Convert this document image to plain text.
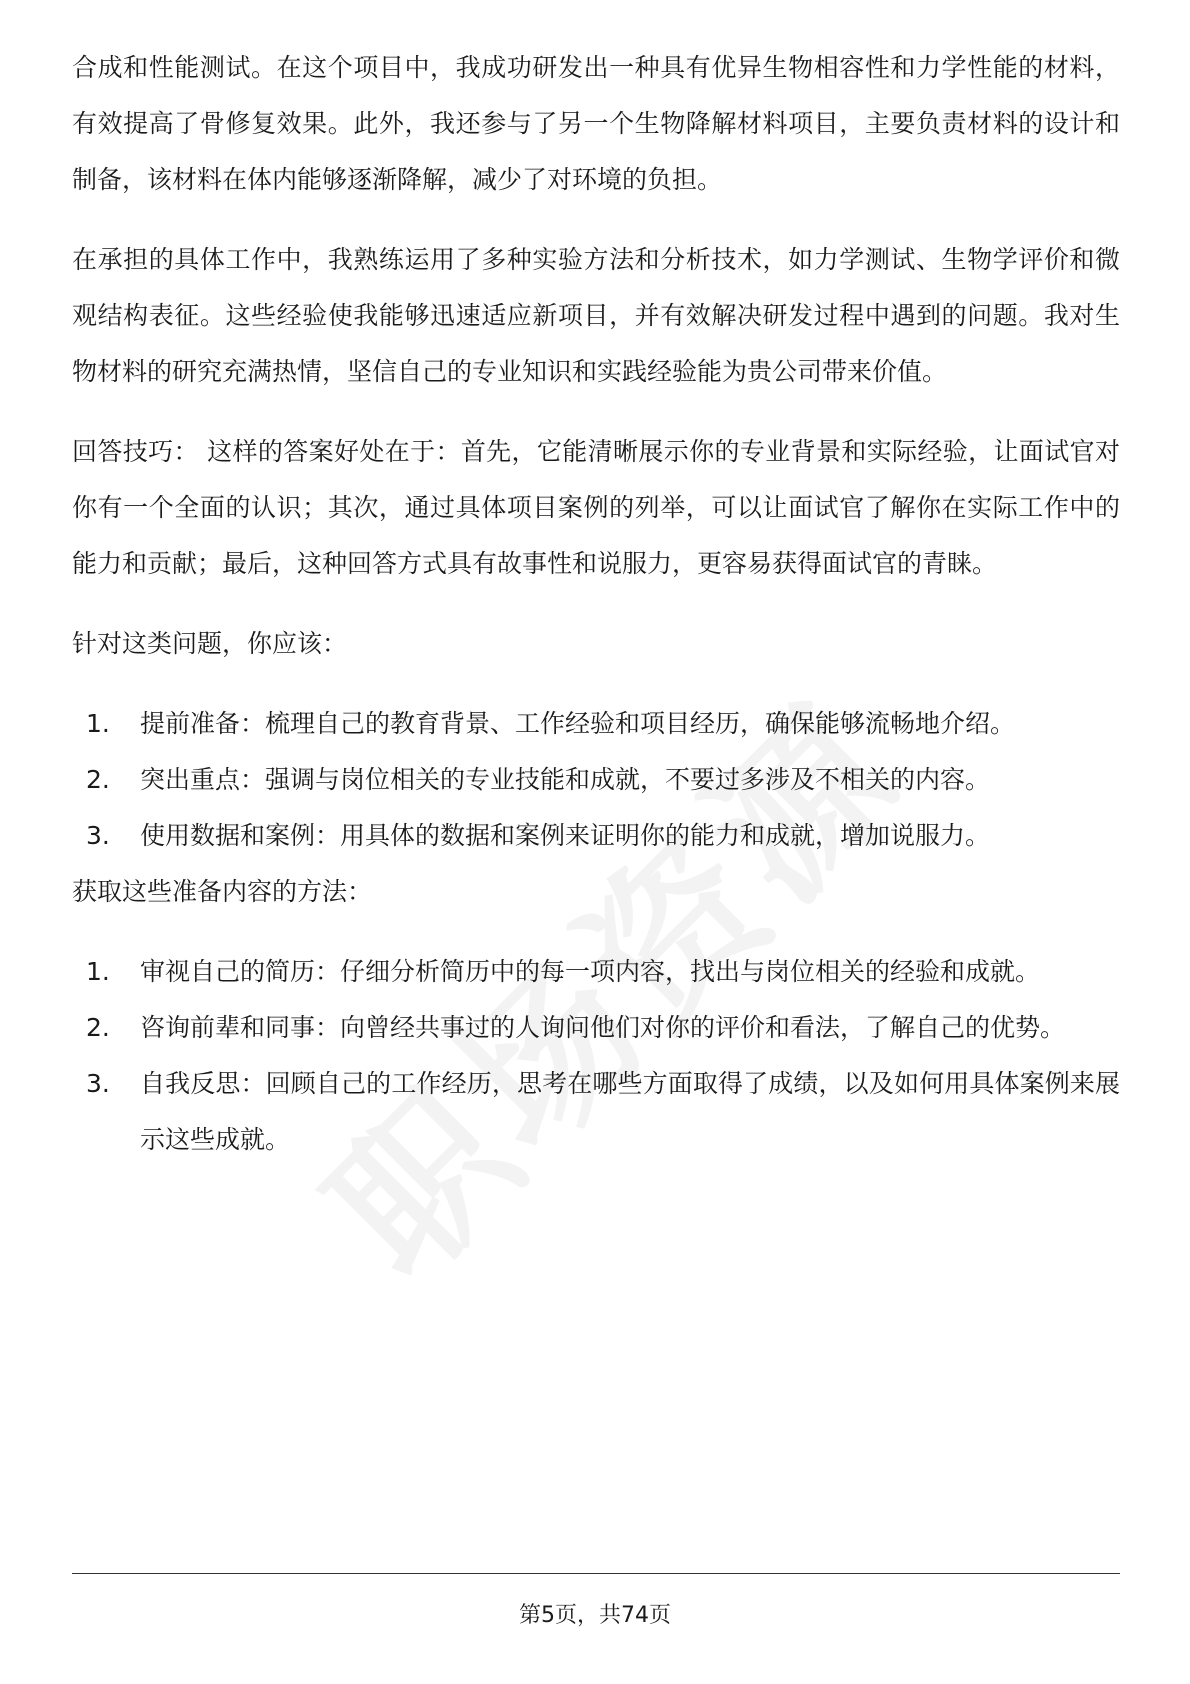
合成和性能测试。在这个项目中，我成功研发出一种具有优异生物相容性和力学性能的材料，有效提高了骨修复效果。此外，我还参与了另一个生物降解材料项目，主要负责材料的设计和制备，该材料在体内能够逐渐降解，减少了对环境的负担。

在承担的具体工作中，我熟练运用了多种实验方法和分析技术，如力学测试、生物学评价和微观结构表征。这些经验使我能够迅速适应新项目，并有效解决研发过程中遇到的问题。我对生物材料的研究充满热情，坚信自己的专业知识和实践经验能为贵公司带来价值。

回答技巧： 这样的答案好处在于：首先，它能清晰展示你的专业背景和实际经验，让面试官对你有一个全面的认识；其次，通过具体项目案例的列举，可以让面试官了解你在实际工作中的能力和贡献；最后，这种回答方式具有故事性和说服力，更容易获得面试官的青睐。

针对这类问题，你应该：

1.	提前准备：梳理自己的教育背景、工作经验和项目经历，确保能够流畅地介绍。
2.	突出重点：强调与岗位相关的专业技能和成就，不要过多涉及不相关的内容。
3.	使用数据和案例：用具体的数据和案例来证明你的能力和成就，增加说服力。

获取这些准备内容的方法：

1.	审视自己的简历：仔细分析简历中的每一项内容，找出与岗位相关的经验和成就。
2.	咨询前辈和同事：向曾经共事过的人询问他们对你的评价和看法，了解自己的优势。
3.	自我反思：回顾自己的工作经历，思考在哪些方面取得了成绩，以及如何用具体案例来展示这些成就。
第5页，共74页
